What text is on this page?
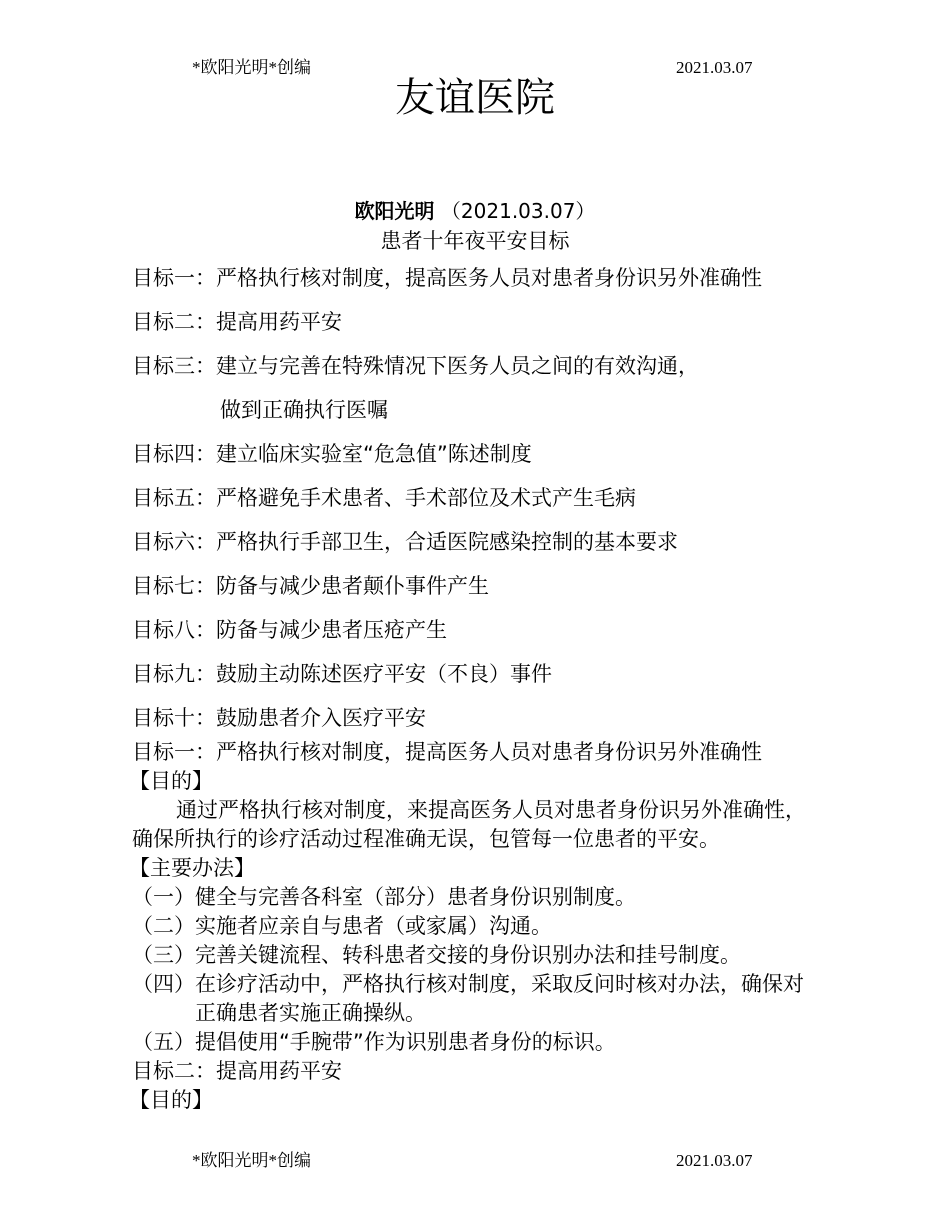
*欧阳光明*创编	2021.03.07
友谊医院
欧阳光明 （2021.03.07）
患者十年夜平安目标
目标一： 严格执行核对制度，提高医务人员对患者身份识另外准确性
目标二： 提高用药平安
目标三： 建立与完善在特殊情况下医务人员之间的有效沟通，
做到正确执行医嘱
目标四： 建立临床实验室“危急值”陈述制度
目标五： 严格避免手术患者、手术部位及术式产生毛病
目标六： 严格执行手部卫生，合适医院感染控制的基本要求
目标七： 防备与减少患者颠仆事件产生
目标八： 防备与减少患者压疮产生
目标九： 鼓励主动陈述医疗平安（不良）事件
目标十： 鼓励患者介入医疗平安
目标一：严格执行核对制度，提高医务人员对患者身份识另外准确性
【目的】
通过严格执行核对制度，来提高医务人员对患者身份识另外准确性，确保所执行的诊疗活动过程准确无误，包管每一位患者的平安。
【主要办法】
（一） 健全与完善各科室（部分）患者身份识别制度。
（二） 实施者应亲自与患者（或家属）沟通。
（三） 完善关键流程、转科患者交接的身份识别办法和挂号制度。
（四） 在诊疗活动中，严格执行核对制度，采取反问时核对办法，确保对正确患者实施正确操纵。
（五） 提倡使用“手腕带”作为识别患者身份的标识。
目标二：提高用药平安
【目的】
*欧阳光明*创编	2021.03.07
